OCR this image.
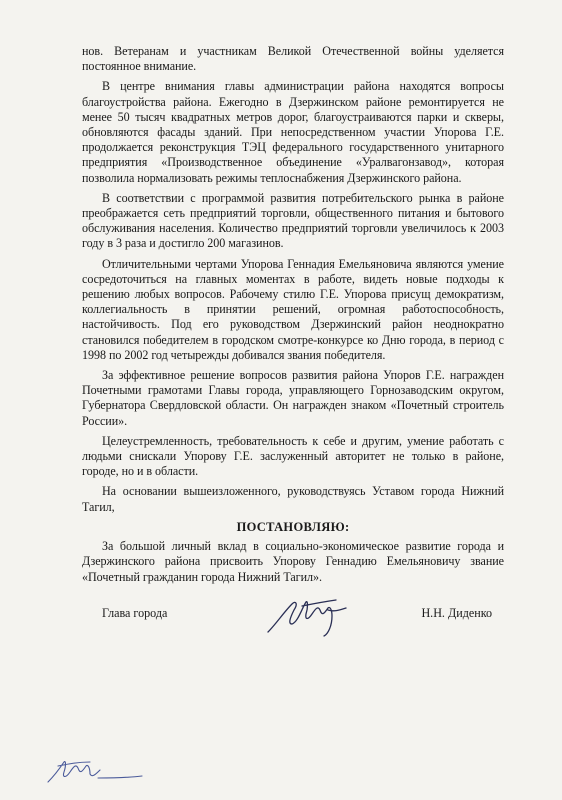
нов. Ветеранам и участникам Великой Отечественной войны уделяется постоянное внимание.

В центре внимания главы администрации района находятся вопросы благоустройства района. Ежегодно в Дзержинском районе ремонтируется не менее 50 тысяч квадратных метров дорог, благоустраиваются парки и скверы, обновляются фасады зданий. При непосредственном участии Упорова Г.Е. продолжается реконструкция ТЭЦ федерального государственного унитарного предприятия «Производственное объединение «Уралвагонзавод», которая позволила нормализовать режимы теплоснабжения Дзержинского района.

В соответствии с программой развития потребительского рынка в районе преображается сеть предприятий торговли, общественного питания и бытового обслуживания населения. Количество предприятий торговли увеличилось к 2003 году в 3 раза и достигло 200 магазинов.

Отличительными чертами Упорова Геннадия Емельяновича являются умение сосредоточиться на главных моментах в работе, видеть новые подходы к решению любых вопросов. Рабочему стилю Г.Е. Упорова присущ демократизм, коллегиальность в принятии решений, огромная работоспособность, настойчивость. Под его руководством Дзержинский район неоднократно становился победителем в городском смотре-конкурсе ко Дню города, в период с 1998 по 2002 год четырежды добивался звания победителя.

За эффективное решение вопросов развития района Упоров Г.Е. награжден Почетными грамотами Главы города, управляющего Горнозаводским округом, Губернатора Свердловской области. Он награжден знаком «Почетный строитель России».

Целеустремленность, требовательность к себе и другим, умение работать с людьми снискали Упорову Г.Е. заслуженный авторитет не только в районе, городе, но и в области.

На основании вышеизложенного, руководствуясь Уставом города Нижний Тагил,

ПОСТАНОВЛЯЮ:

За большой личный вклад в социально-экономическое развитие города и Дзержинского района присвоить Упорову Геннадию Емельяновичу звание «Почетный гражданин города Нижний Тагил».

Глава города	Н.Н. Диденко
